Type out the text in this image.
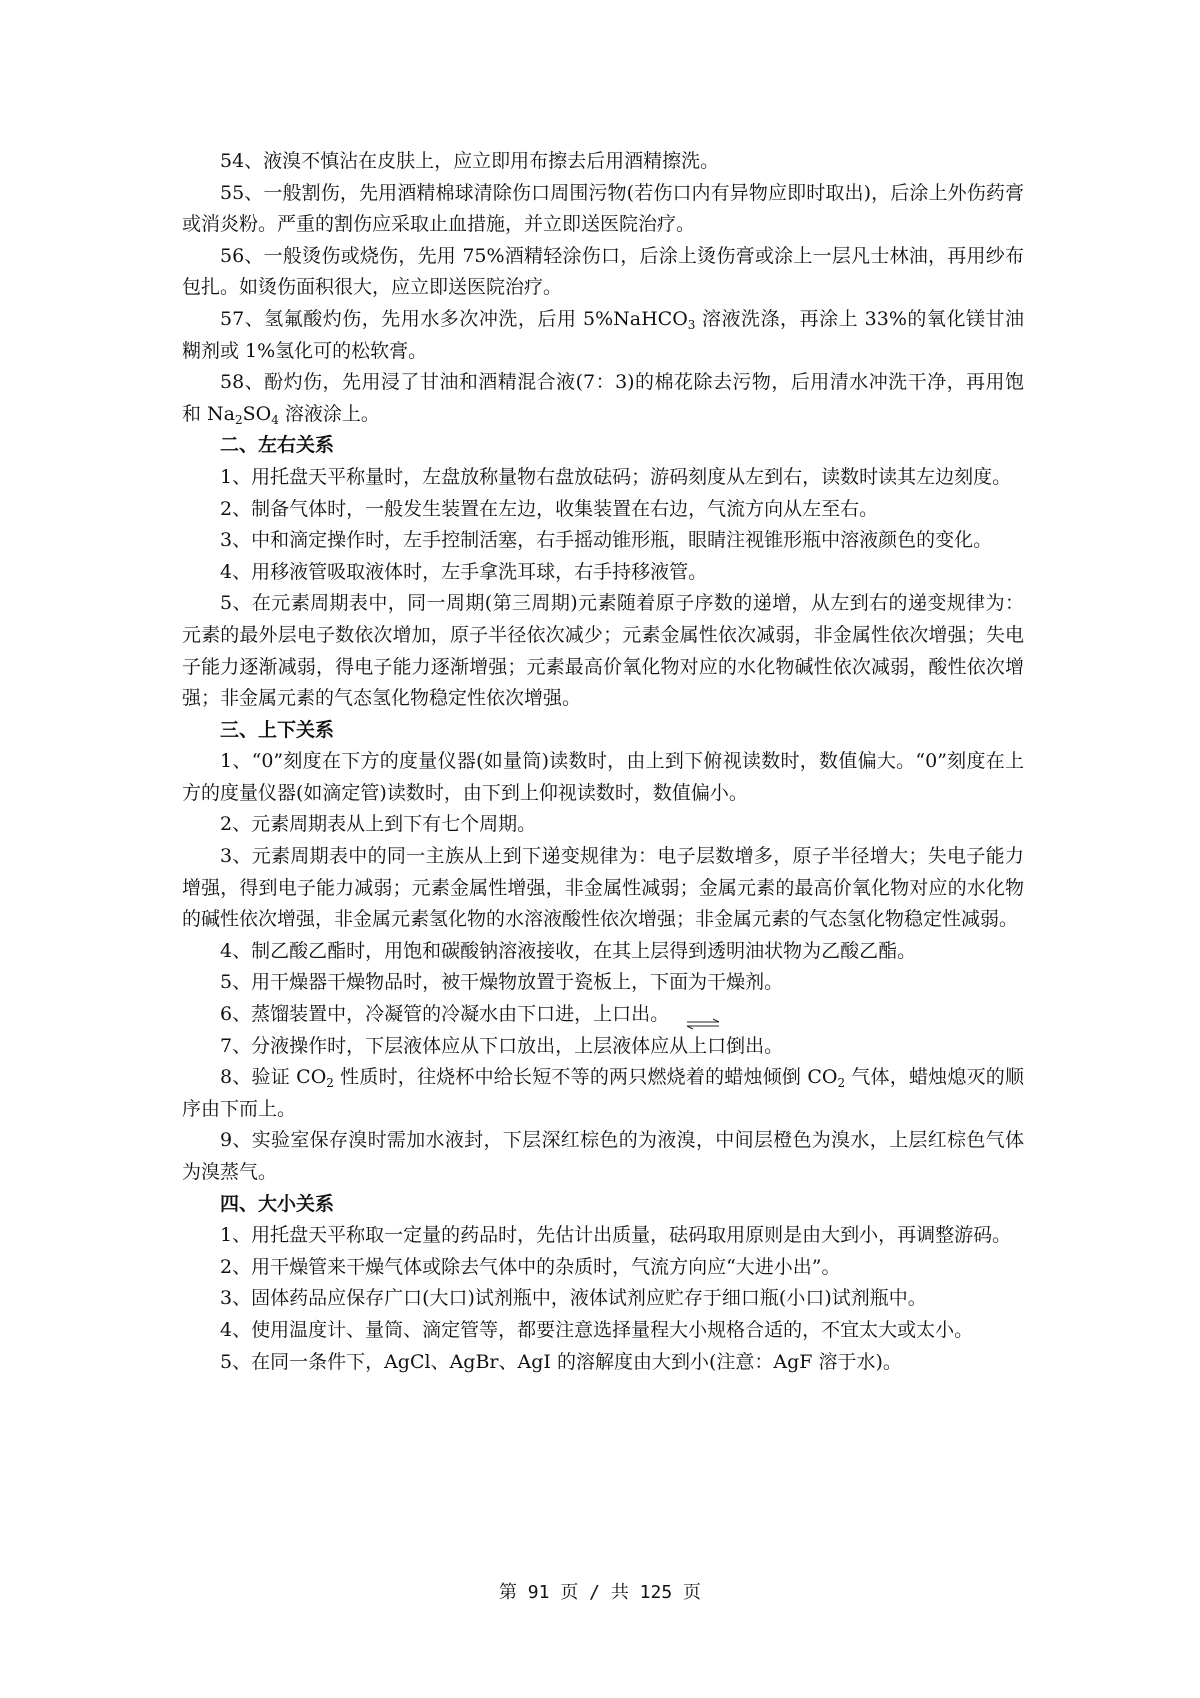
54、液溴不慎沾在皮肤上，应立即用布擦去后用酒精擦洗。

55、一般割伤，先用酒精棉球清除伤口周围污物(若伤口内有异物应即时取出)，后涂上外伤药膏或消炎粉。严重的割伤应采取止血措施，并立即送医院治疗。

56、一般烫伤或烧伤，先用 75%酒精轻涂伤口，后涂上烫伤膏或涂上一层凡士林油，再用纱布包扎。如烫伤面积很大，应立即送医院治疗。

57、氢氟酸灼伤，先用水多次冲洗，后用 5%NaHCO$_3$ 溶液洗涤，再涂上 33%的氧化镁甘油糊剂或 1%氢化可的松软膏。

58、酚灼伤，先用浸了甘油和酒精混合液(7：3)的棉花除去污物，后用清水冲洗干净，再用饱和 $Na_2SO_4$ 溶液涂上。

二、左右关系

1、用托盘天平称量时，左盘放称量物右盘放砝码；游码刻度从左到右，读数时读其左边刻度。

2、制备气体时，一般发生装置在左边，收集装置在右边，气流方向从左至右。

3、中和滴定操作时，左手控制活塞，右手摇动锥形瓶，眼睛注视锥形瓶中溶液颜色的变化。

4、用移液管吸取液体时，左手拿洗耳球，右手持移液管。

5、在元素周期表中，同一周期(第三周期)元素随着原子序数的递增，从左到右的递变规律为：元素的最外层电子数依次增加，原子半径依次减少；元素金属性依次减弱，非金属性依次增强；失电子能力逐渐减弱，得电子能力逐渐增强；元素最高价氧化物对应的水化物碱性依次减弱，酸性依次增强；非金属元素的气态氢化物稳定性依次增强。

三、上下关系

1、“0”刻度在下方的度量仪器(如量筒)读数时，由上到下俯视读数时，数值偏大。“0”刻度在上方的度量仪器(如滴定管)读数时，由下到上仰视读数时，数值偏小。

2、元素周期表从上到下有七个周期。

3、元素周期表中的同一主族从上到下递变规律为：电子层数增多，原子半径增大；失电子能力增强，得到电子能力减弱；元素金属性增强，非金属性减弱；金属元素的最高价氧化物对应的水化物的碱性依次增强，非金属元素氢化物的水溶液酸性依次增强；非金属元素的气态氢化物稳定性减弱。

4、制乙酸乙酯时，用饱和碳酸钠溶液接收，在其上层得到透明油状物为乙酸乙酯。

5、用干燥器干燥物品时，被干燥物放置于瓷板上，下面为干燥剂。

6、蒸馏装置中，冷凝管的冷凝水由下口进，上口出。

7、分液操作时，下层液体应从下口放出，上层液体应从上口倒出。

8、验证 $CO_2$ 性质时，往烧杯中给长短不等的两只燃烧着的蜡烛倾倒 $CO_2$ 气体，蜡烛熄灭的顺序由下而上。

9、实验室保存溴时需加水液封，下层深红棕色的为液溴，中间层橙色为溴水，上层红棕色气体为溴蒸气。

四、大小关系

1、用托盘天平称取一定量的药品时，先估计出质量，砝码取用原则是由大到小，再调整游码。

2、用干燥管来干燥气体或除去气体中的杂质时，气流方向应“大进小出”。

3、固体药品应保存广口(大口)试剂瓶中，液体试剂应贮存于细口瓶(小口)试剂瓶中。

4、使用温度计、量筒、滴定管等，都要注意选择量程大小规格合适的，不宜太大或太小。

5、在同一条件下，AgCl、AgBr、AgI 的溶解度由大到小(注意：AgF 溶于水)。

第 91 页 / 共 125 页
